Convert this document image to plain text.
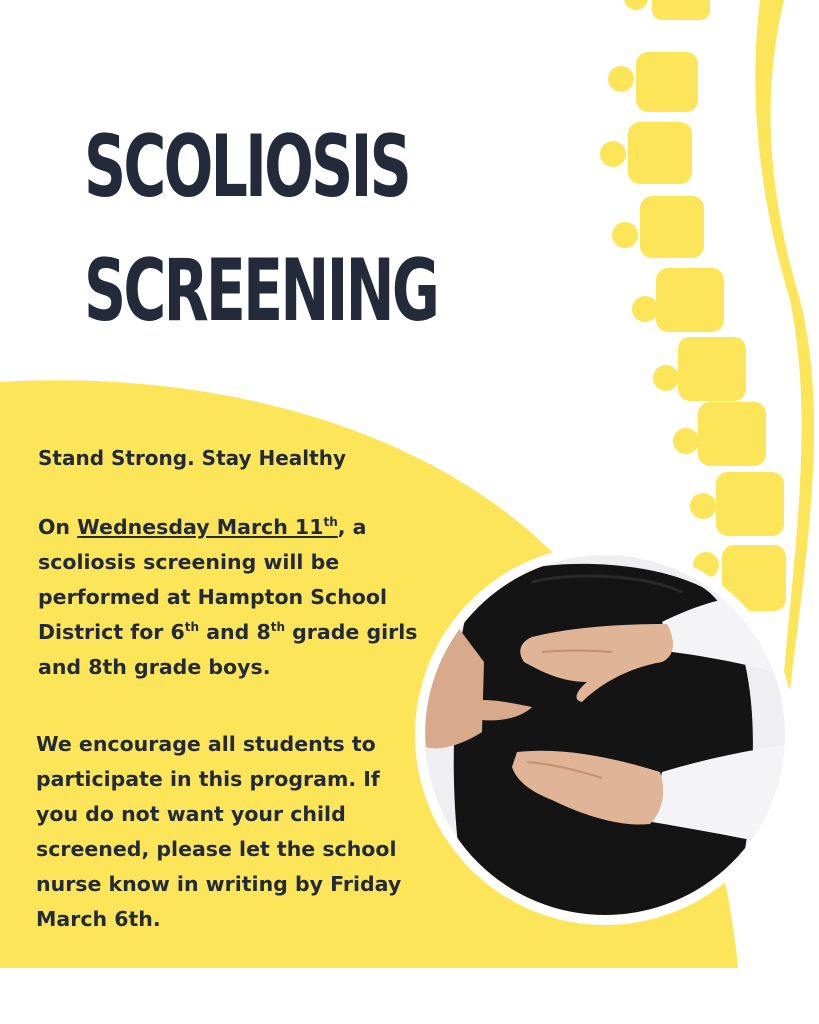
SCOLIOSIS
SCREENING

Stand Strong. Stay Healthy

On Wednesday March 11th, a scoliosis screening will be performed at Hampton School District for 6th and 8th grade girls and 8th grade boys.

We encourage all students to participate in this program. If you do not want your child screened, please let the school nurse know in writing by Friday March 6th.
